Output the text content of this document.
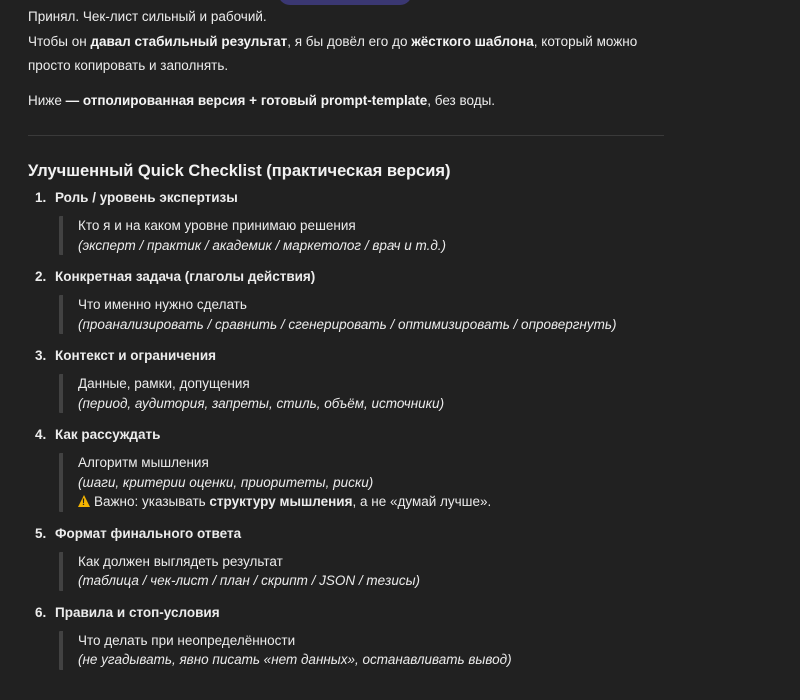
Принял. Чек-лист сильный и рабочий.

Чтобы он давал стабильный результат, я бы довёл его до жёсткого шаблона, который можно просто копировать и заполнять.

Ниже — отполированная версия + готовый prompt-template, без воды.

Улучшенный Quick Checklist (практическая версия)
1. Роль / уровень экспертизы
Кто я и на каком уровне принимаю решения
(эксперт / практик / академик / маркетолог / врач и т.д.)
2. Конкретная задача (глаголы действия)
Что именно нужно сделать
(проанализировать / сравнить / сгенерировать / оптимизировать / опровергнуть)
3. Контекст и ограничения
Данные, рамки, допущения
(период, аудитория, запреты, стиль, объём, источники)
4. Как рассуждать
Алгоритм мышления
(шаги, критерии оценки, приоритеты, риски)
!Важно: указывать структуру мышления, а не «думай лучше».
5. Формат финального ответа
Как должен выглядеть результат
(таблица / чек-лист / план / скрипт / JSON / тезисы)
6. Правила и стоп-условия
Что делать при неопределённости
(не угадывать, явно писать «нет данных», останавливать вывод)
